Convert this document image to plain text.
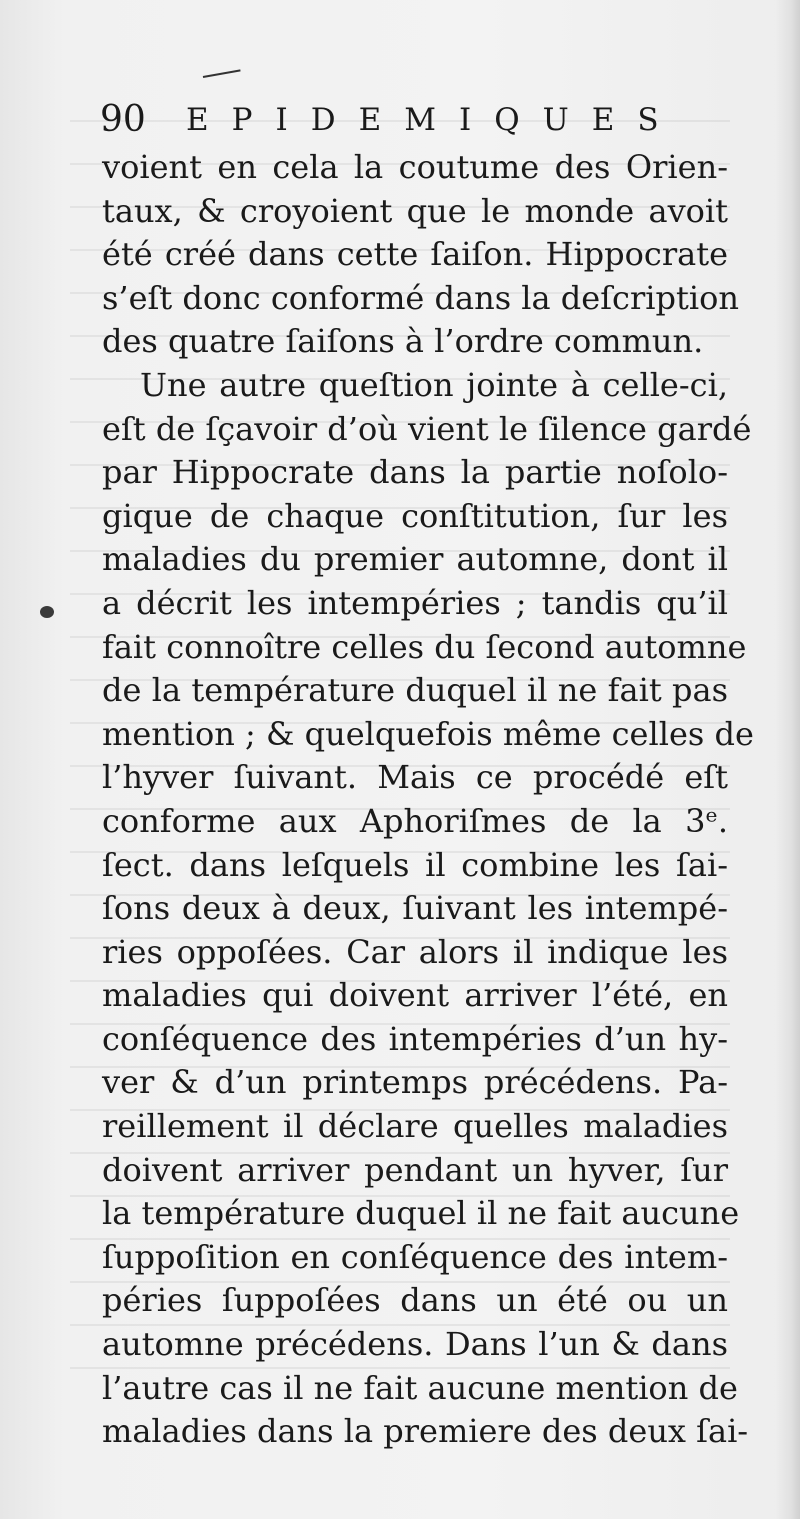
90 EPIDEMIQUES
voient en cela la coutume des Orien-
taux, & croyoient que le monde avoit
été créé dans cette ſaiſon. Hippocrate
s’eſt donc conformé dans la deſcription
des quatre ſaiſons à l’ordre commun.
Une autre queſtion jointe à celle-ci,
eſt de ſçavoir d’où vient le ſilence gardé
par Hippocrate dans la partie noſolo-
gique de chaque conſtitution, ſur les
maladies du premier automne, dont il
a décrit les intempéries ; tandis qu’il
fait connoître celles du ſecond automne
de la température duquel il ne fait pas
mention ; & quelquefois même celles de
l’hyver ſuivant. Mais ce procédé eſt
conforme aux Aphoriſmes de la 3ᵉ.
ſect. dans leſquels il combine les ſai-
ſons deux à deux, ſuivant les intempé-
ries oppoſées. Car alors il indique les
maladies qui doivent arriver l’été, en
conſéquence des intempéries d’un hy-
ver & d’un printemps précédens. Pa-
reillement il déclare quelles maladies
doivent arriver pendant un hyver, ſur
la température duquel il ne fait aucune
ſuppoſition en conſéquence des intem-
péries ſuppoſées dans un été ou un
automne précédens. Dans l’un & dans
l’autre cas il ne fait aucune mention de
maladies dans la premiere des deux ſai-
